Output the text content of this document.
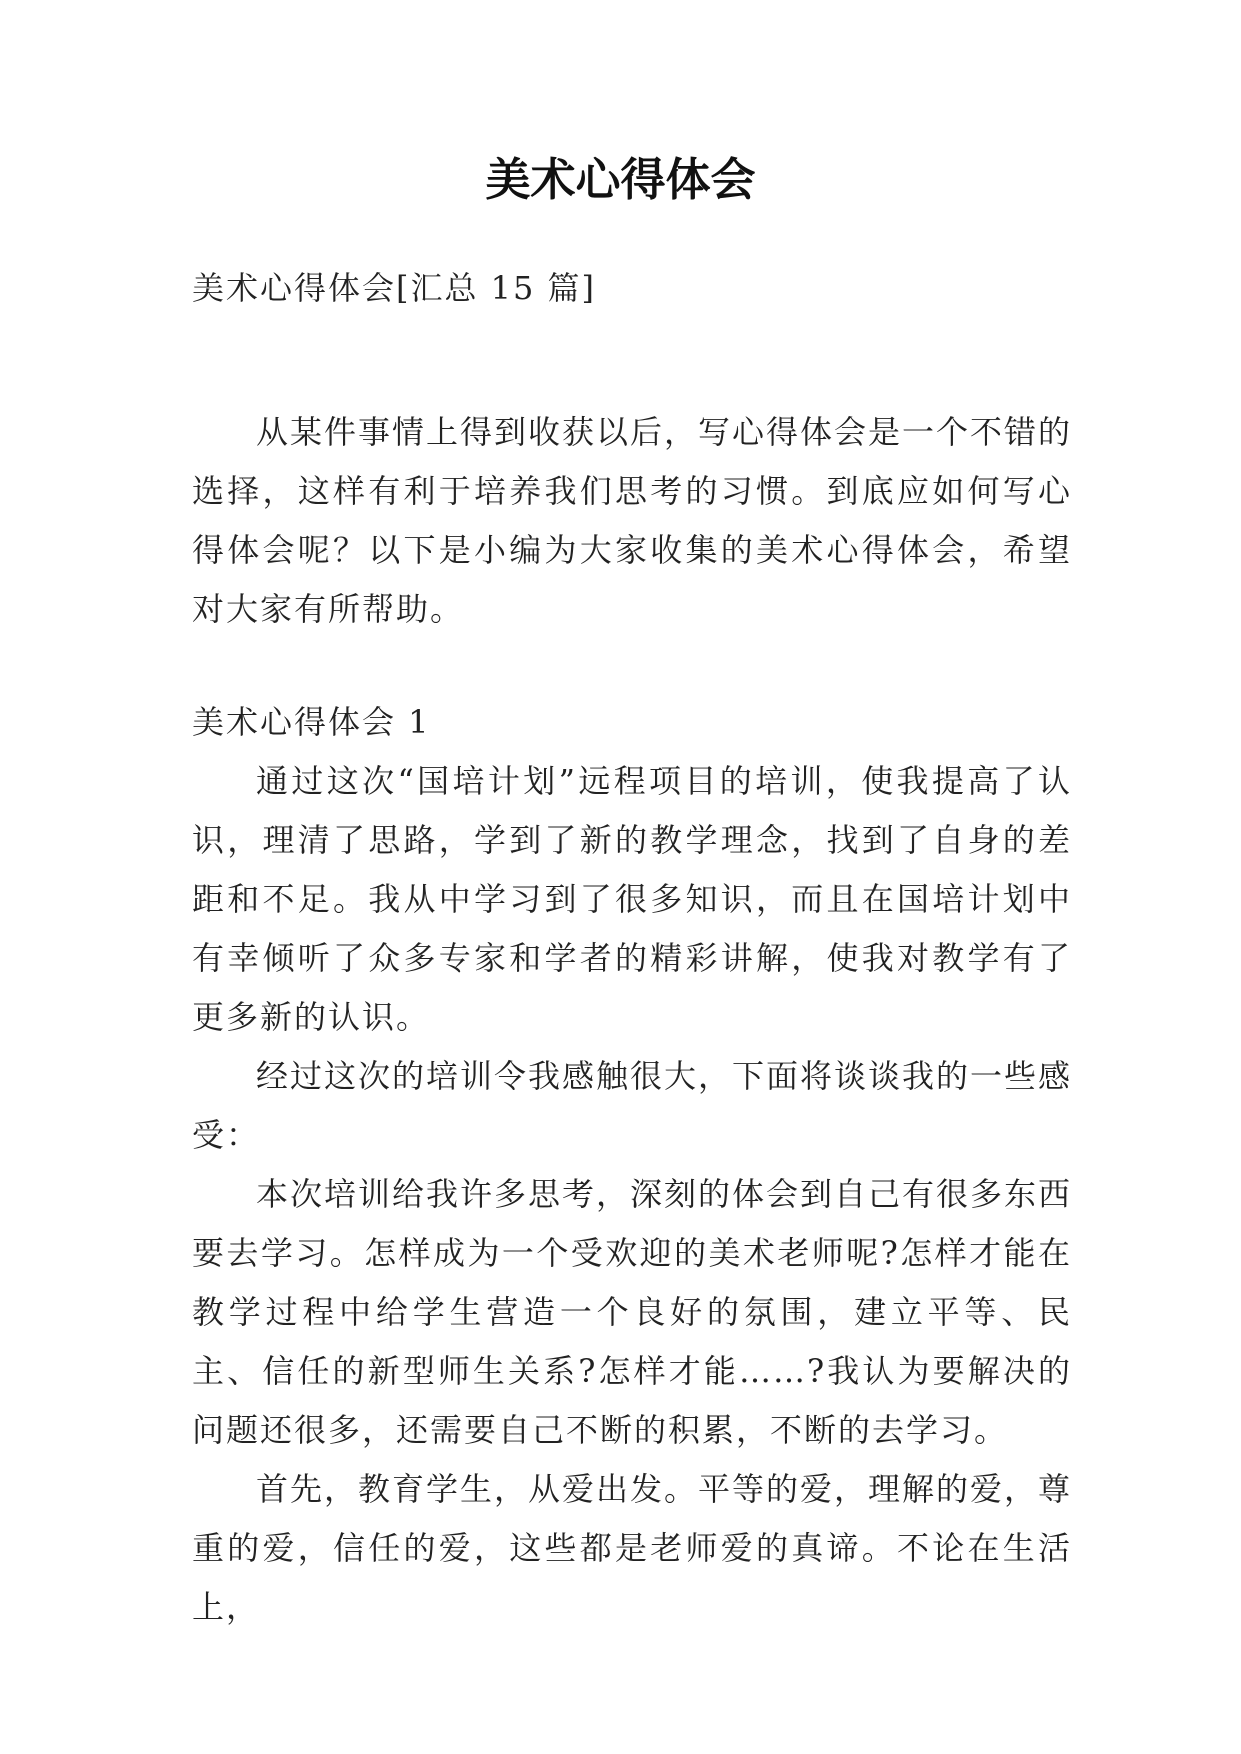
美术心得体会

美术心得体会[汇总 15 篇]

从某件事情上得到收获以后，写心得体会是一个不错的选择，这样有利于培养我们思考的习惯。到底应如何写心得体会呢？以下是小编为大家收集的美术心得体会，希望对大家有所帮助。

美术心得体会 1

通过这次“国培计划”远程项目的培训，使我提高了认识，理清了思路，学到了新的教学理念，找到了自身的差距和不足。我从中学习到了很多知识，而且在国培计划中有幸倾听了众多专家和学者的精彩讲解，使我对教学有了更多新的认识。

经过这次的培训令我感触很大，下面将谈谈我的一些感受：

本次培训给我许多思考，深刻的体会到自己有很多东西要去学习。怎样成为一个受欢迎的美术老师呢?怎样才能在教学过程中给学生营造一个良好的氛围，建立平等、民主、信任的新型师生关系?怎样才能……?我认为要解决的问题还很多，还需要自己不断的积累，不断的去学习。

首先，教育学生，从爱出发。平等的爱，理解的爱，尊重的爱，信任的爱，这些都是老师爱的真谛。不论在生活上，
